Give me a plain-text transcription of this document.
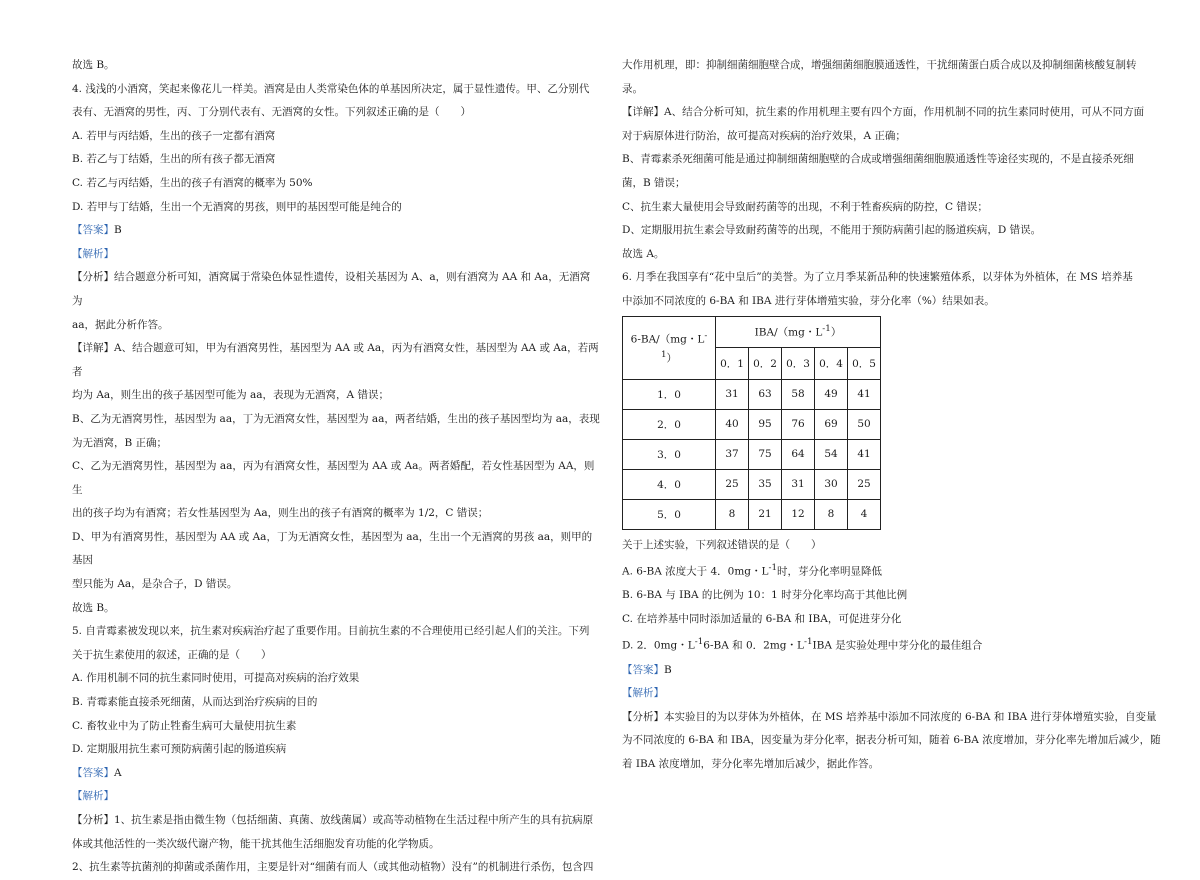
故选 B。

4. 浅浅的小酒窝，笑起来像花儿一样美。酒窝是由人类常染色体的单基因所决定，属于显性遗传。甲、乙分别代

表有、无酒窝的男性，丙、丁分别代表有、无酒窝的女性。下列叙述正确的是（　　）

A. 若甲与丙结婚，生出的孩子一定都有酒窝

B. 若乙与丁结婚，生出的所有孩子都无酒窝

C. 若乙与丙结婚，生出的孩子有酒窝的概率为 50%

D. 若甲与丁结婚，生出一个无酒窝的男孩，则甲的基因型可能是纯合的

【答案】B

【解析】

【分析】结合题意分析可知，酒窝属于常染色体显性遗传，设相关基因为 A、a，则有酒窝为 AA 和 Aa，无酒窝为

aa，据此分析作答。

【详解】A、结合题意可知，甲为有酒窝男性，基因型为 AA 或 Aa，丙为有酒窝女性，基因型为 AA 或 Aa，若两者

均为 Aa，则生出的孩子基因型可能为 aa，表现为无酒窝，A 错误；

B、乙为无酒窝男性，基因型为 aa，丁为无酒窝女性，基因型为 aa，两者结婚，生出的孩子基因型均为 aa，表现

为无酒窝，B 正确；

C、乙为无酒窝男性，基因型为 aa，丙为有酒窝女性，基因型为 AA 或 Aa。两者婚配，若女性基因型为 AA，则生

出的孩子均为有酒窝；若女性基因型为 Aa，则生出的孩子有酒窝的概率为 1/2，C 错误；

D、甲为有酒窝男性，基因型为 AA 或 Aa，丁为无酒窝女性，基因型为 aa，生出一个无酒窝的男孩 aa，则甲的基因

型只能为 Aa，是杂合子，D 错误。

故选 B。

5. 自青霉素被发现以来，抗生素对疾病治疗起了重要作用。目前抗生素的不合理使用已经引起人们的关注。下列

关于抗生素使用的叙述，正确的是（　　）

A. 作用机制不同的抗生素同时使用，可提高对疾病的治疗效果

B. 青霉素能直接杀死细菌，从而达到治疗疾病的目的

C. 畜牧业中为了防止牲畜生病可大量使用抗生素

D. 定期服用抗生素可预防病菌引起的肠道疾病

【答案】A

【解析】

【分析】1、抗生素是指由微生物（包括细菌、真菌、放线菌属）或高等动植物在生活过程中所产生的具有抗病原

体或其他活性的一类次级代谢产物，能干扰其他生活细胞发育功能的化学物质。

2、抗生素等抗菌剂的抑菌或杀菌作用，主要是针对“细菌有而人（或其他动植物）没有”的机制进行杀伤，包含四

大作用机理，即：抑制细菌细胞壁合成，增强细菌细胞膜通透性，干扰细菌蛋白质合成以及抑制细菌核酸复制转

录。

【详解】A、结合分析可知，抗生素的作用机理主要有四个方面，作用机制不同的抗生素同时使用，可从不同方面

对于病原体进行防治，故可提高对疾病的治疗效果，A 正确；

B、青霉素杀死细菌可能是通过抑制细菌细胞壁的合成或增强细菌细胞膜通透性等途径实现的，不是直接杀死细

菌，B 错误；

C、抗生素大量使用会导致耐药菌等的出现，不利于牲畜疾病的防控，C 错误；

D、定期服用抗生素会导致耐药菌等的出现，不能用于预防病菌引起的肠道疾病，D 错误。

故选 A。

6. 月季在我国享有“花中皇后”的美誉。为了立月季某新品种的快速繁殖体系，以芽体为外植体，在 MS 培养基

中添加不同浓度的 6-BA 和 IBA 进行芽体增殖实验，芽分化率（%）结果如表。

6-BA/（mg・L-
$^1$）	IBA/（mg・$L^{-1}$）				
	0．1	0．2	0．3	0．4	0．5
1．0	31	63	58	49	41
2．0	40	95	76	69	50
3．0	37	75	64	54	41
4．0	25	35	31	30	25
5．0	8	21	12	8	4

关于上述实验，下列叙述错误的是（　　）

A. 6-BA 浓度大于 4．0mg・$L^{-1}$时，芽分化率明显降低

B. 6-BA 与 IBA 的比例为 10：1 时芽分化率均高于其他比例

C. 在培养基中同时添加适量的 6-BA 和 IBA，可促进芽分化

D. 2．0mg・$L^{-1}6-BA$ 和 0．2mg・$L^{-1}IBA$ 是实验处理中芽分化的最佳组合

【答案】B

【解析】

【分析】本实验目的为以芽体为外植体，在 MS 培养基中添加不同浓度的 6-BA 和 IBA 进行芽体增殖实验，自变量

为不同浓度的 6-BA 和 IBA，因变量为芽分化率，据表分析可知，随着 6-BA 浓度增加，芽分化率先增加后减少，随

着 IBA 浓度增加，芽分化率先增加后减少，据此作答。
